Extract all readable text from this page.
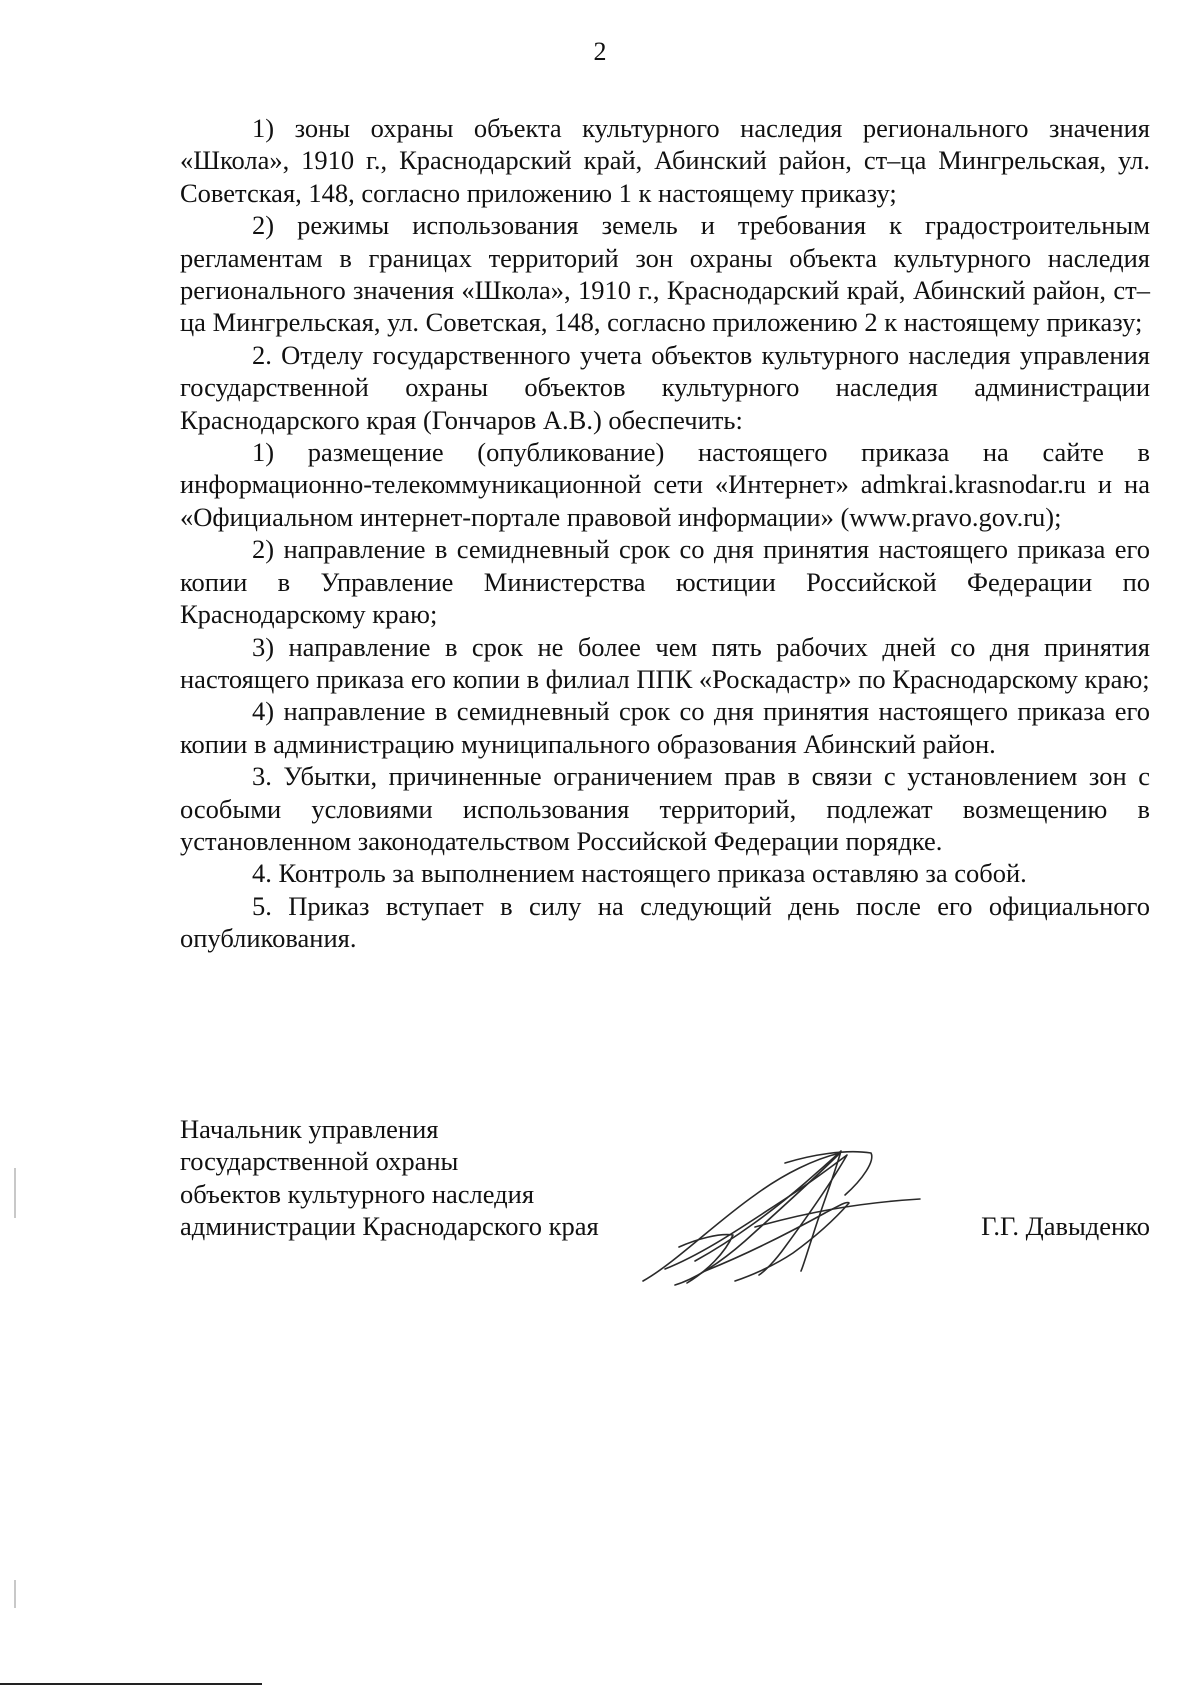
2

1) зоны охраны объекта культурного наследия регионального значения «Школа», 1910 г., Краснодарский край, Абинский район, ст–ца Мингрельская, ул. Советская, 148, согласно приложению 1 к настоящему приказу;

2) режимы использования земель и требования к градостроительным регламентам в границах территорий зон охраны объекта культурного наследия регионального значения «Школа», 1910 г., Краснодарский край, Абинский район, ст–ца Мингрельская, ул. Советская, 148, согласно приложению 2 к настоящему приказу;

2. Отделу государственного учета объектов культурного наследия управления государственной охраны объектов культурного наследия администрации Краснодарского края (Гончаров А.В.) обеспечить:

1) размещение (опубликование) настоящего приказа на сайте в информационно-телекоммуникационной сети «Интернет» admkrai.krasnodar.ru и на «Официальном интернет-портале правовой информации» (www.pravo.gov.ru);

2) направление в семидневный срок со дня принятия настоящего приказа его копии в Управление Министерства юстиции Российской Федерации по Краснодарскому краю;

3) направление в срок не более чем пять рабочих дней со дня принятия настоящего приказа его копии в филиал ППК «Роскадастр» по Краснодарскому краю;

4) направление в семидневный срок со дня принятия настоящего приказа его копии в администрацию муниципального образования Абинский район.

3. Убытки, причиненные ограничением прав в связи с установлением зон с особыми условиями использования территорий, подлежат возмещению в установленном законодательством Российской Федерации порядке.

4. Контроль за выполнением настоящего приказа оставляю за собой.

5. Приказ вступает в силу на следующий день после его официального опубликования.

Начальник управления
государственной охраны
объектов культурного наследия
администрации Краснодарского края	Г.Г. Давыденко
